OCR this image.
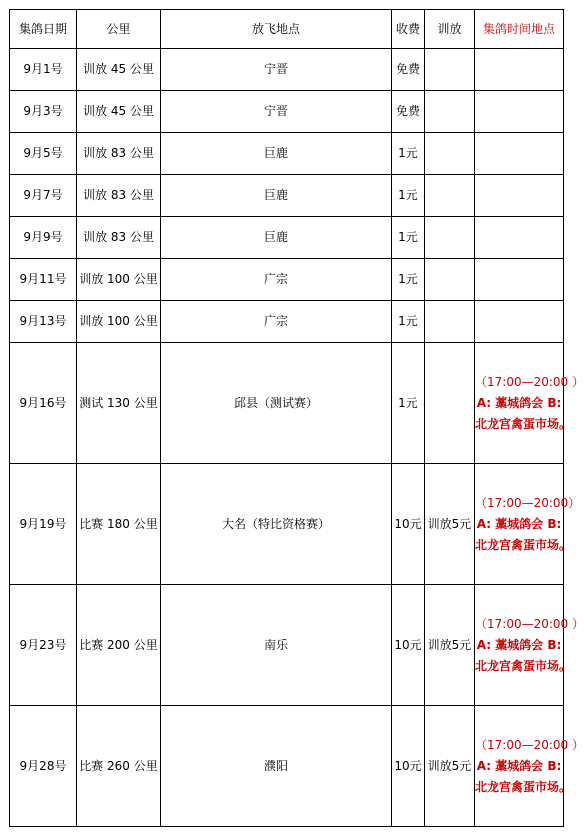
集鸽日期	公里	放飞地点	收费	训放	集鸽时间地点
9月1号	训放 45 公里	宁晋	免费		
9月3号	训放 45 公里	宁晋	免费		
9月5号	训放 83 公里	巨鹿	1元		
9月7号	训放 83 公里	巨鹿	1元		
9月9号	训放 83 公里	巨鹿	1元		
9月11号	训放 100 公里	广宗	1元		
9月13号	训放 100 公里	广宗	1元		
9月16号	测试 130 公里	邱县（测试赛）	1元		（17:00—20:00 ）
A: 藁城鸽会 B:
北龙宫禽蛋市场。

9月19号	比赛 180 公里	大名（特比资格赛）	10元	训放5元	（17:00—20:00）
A: 藁城鸽会 B:
北龙宫禽蛋市场。

9月23号	比赛 200 公里	南乐	10元	训放5元	（17:00—20:00 ）
A: 藁城鸽会 B:
北龙宫禽蛋市场。

9月28号	比赛 260 公里	濮阳	10元	训放5元	（17:00—20:00 ）
A: 藁城鸽会 B:
北龙宫禽蛋市场。
